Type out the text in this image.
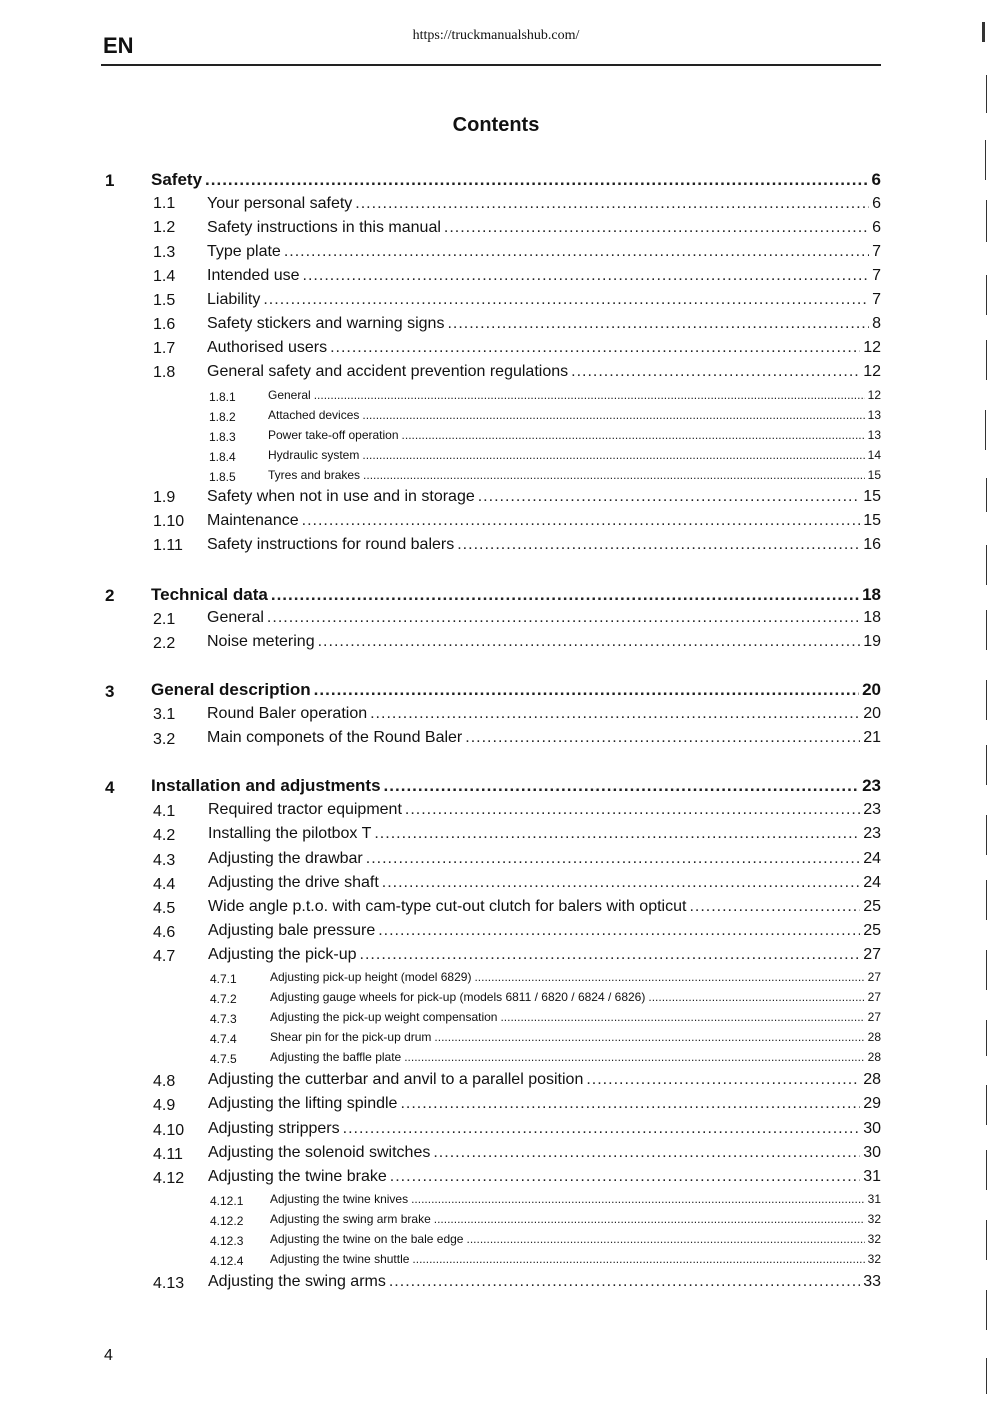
EN	https://truckmanualshub.com/
Contents
1 Safety .....	6
1.1 Your personal safety .....	6
1.2 Safety instructions in this manual .....	6
1.3 Type plate .....	7
1.4 Intended use .....	7
1.5 Liability .....	7
1.6 Safety stickers and warning signs .....	8
1.7 Authorised users .....	12
1.8 General safety and accident prevention regulations .....	12
1.8.1	General .....	12
1.8.2	Attached devices .....	13
1.8.3	Power take-off operation .....	13
1.8.4	Hydraulic system .....	14
1.8.5	Tyres and brakes .....	15
1.9 Safety when not in use and in storage .....	15
1.10 Maintenance .....	15
1.11 Safety instructions for round balers .....	16
2 Technical data .....	18
2.1 General .....	18
2.2 Noise metering .....	19
3 General description .....	20
3.1 Round Baler operation .....	20
3.2 Main componets of the Round Baler .....	21
4 Installation and adjustments .....	23
4.1 Required tractor equipment .....	23
4.2 Installing the pilotbox T .....	23
4.3 Adjusting the drawbar .....	24
4.4 Adjusting the drive shaft .....	24
4.5 Wide angle p.t.o. with cam-type cut-out clutch for balers with opticut .....	25
4.6 Adjusting bale pressure .....	25
4.7 Adjusting the pick-up .....	27
4.7.1	Adjusting pick-up height (model 6829) .....	27
4.7.2	Adjusting gauge wheels for pick-up (models 6811 / 6820 / 6824 / 6826) .....	27
4.7.3	Adjusting the pick-up weight compensation .....	27
4.7.4	Shear pin for the pick-up drum .....	28
4.7.5	Adjusting the baffle plate .....	28
4.8 Adjusting the cutterbar and anvil to a parallel position .....	28
4.9 Adjusting the lifting spindle .....	29
4.10 Adjusting strippers .....	30
4.11 Adjusting the solenoid switches .....	30
4.12 Adjusting the twine brake .....	31
4.12.1 Adjusting the twine knives .....	31
4.12.2 Adjusting the swing arm brake .....	32
4.12.3 Adjusting the twine on the bale edge .....	32
4.12.4 Adjusting the twine shuttle .....	32
4.13 Adjusting the swing arms .....	33
4
